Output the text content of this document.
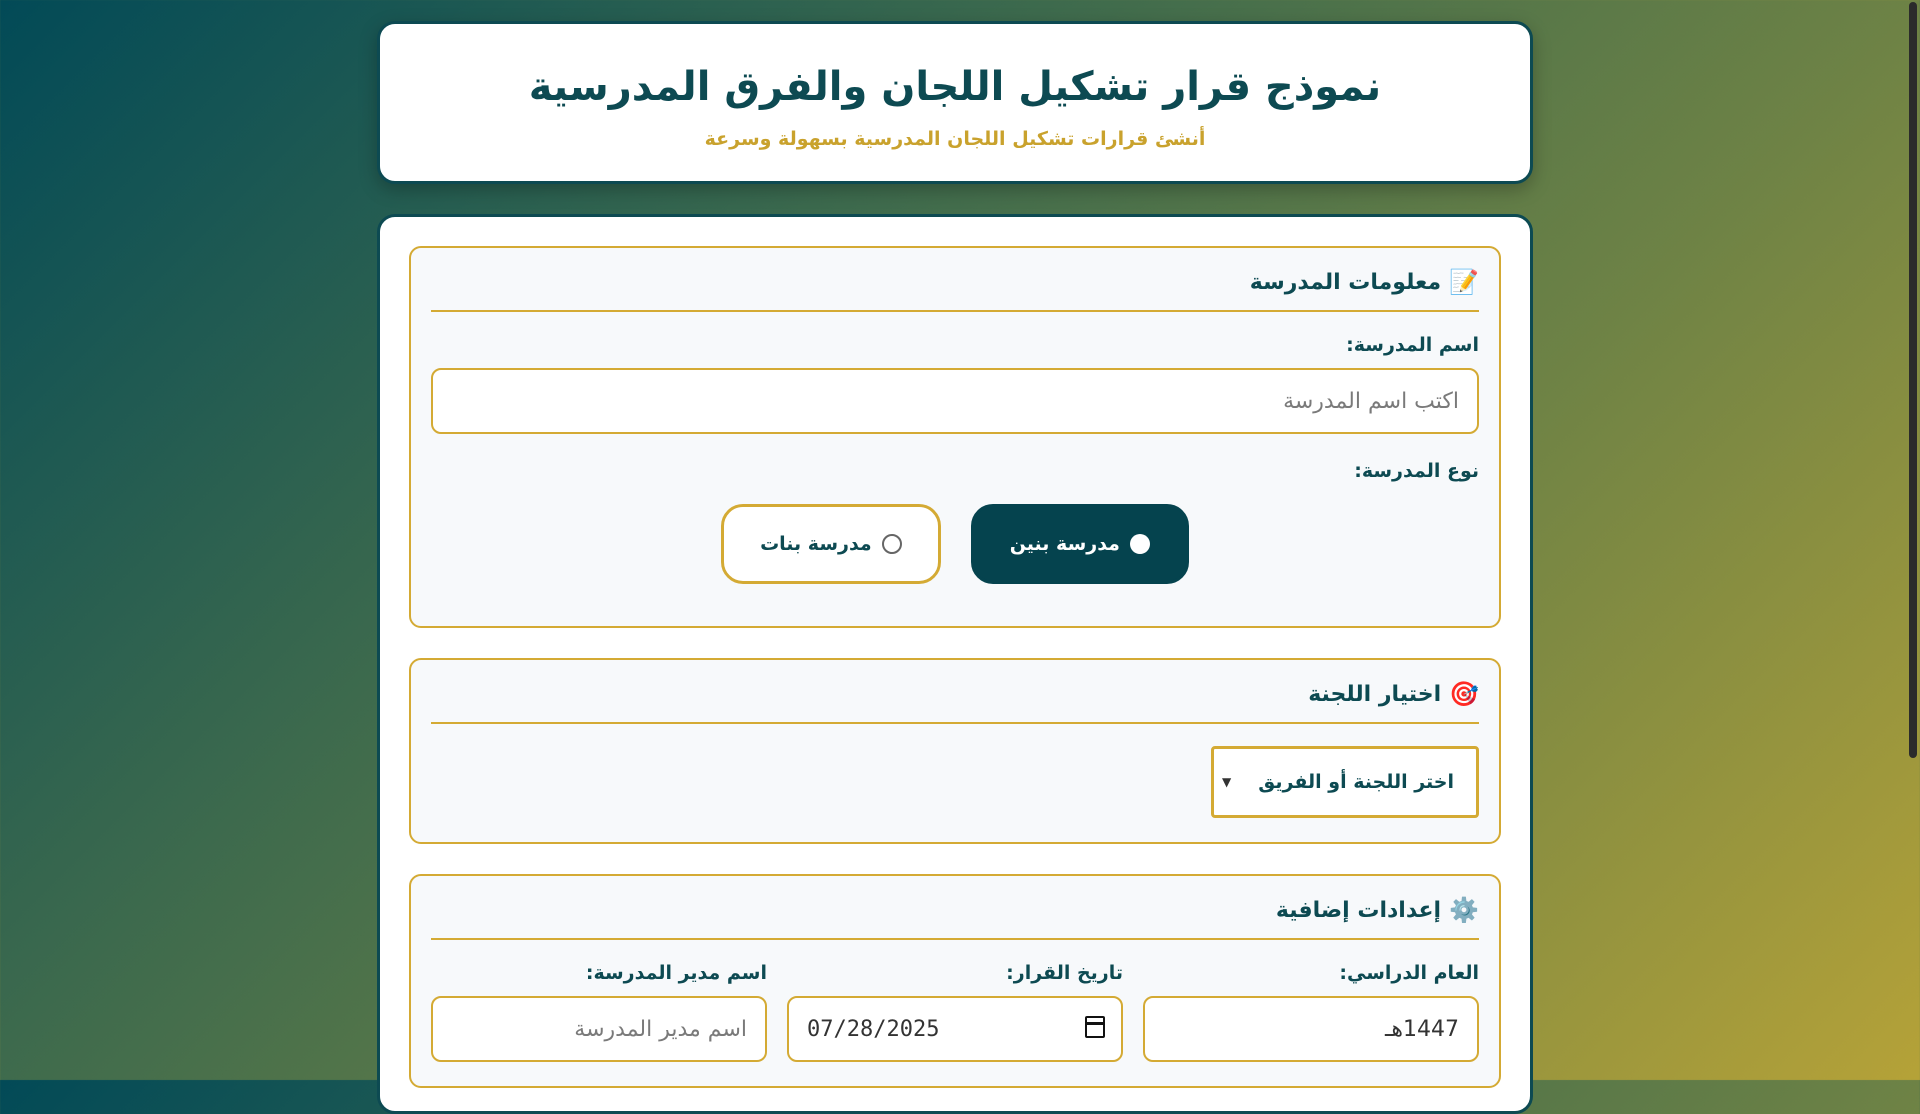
نموذج قرار تشكيل اللجان والفرق المدرسية

أنشئ قرارات تشكيل اللجان المدرسية بسهولة وسرعة

📝
معلومات المدرسة
اسم المدرسة:
اكتب اسم المدرسة
نوع المدرسة:
مدرسة بنين
مدرسة بنات
🎯
اختيار اللجنة
اختر اللجنة أو الفريق
▼
⚙️
إعدادات إضافية
العام الدراسي:
1447هـ
تاريخ القرار:
07/28/2025
اسم مدير المدرسة:
اسم مدير المدرسة
